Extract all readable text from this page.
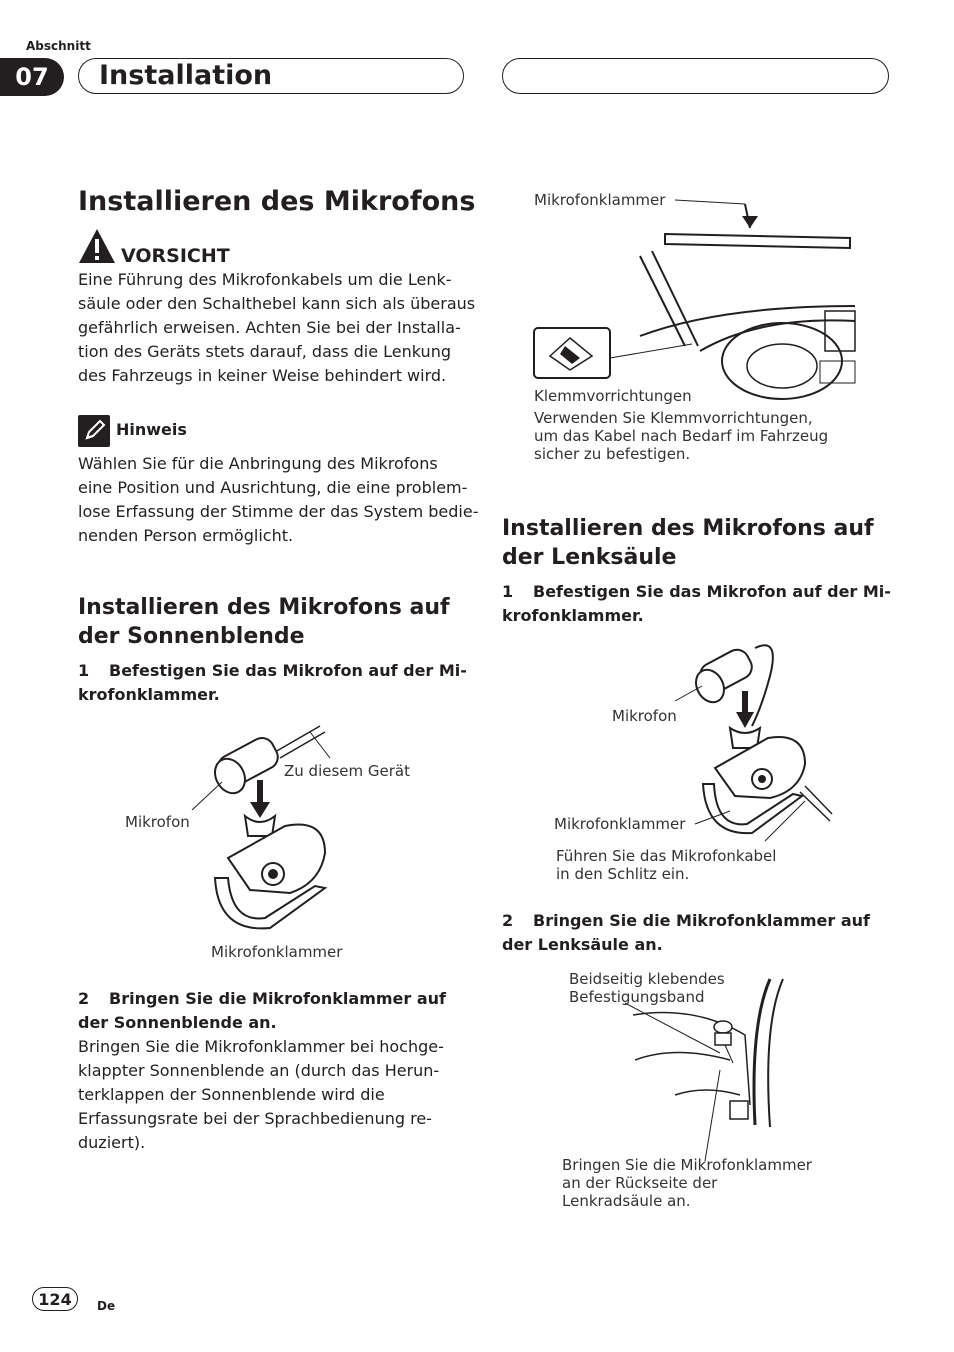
Abschnitt
07	Installation
Installieren des Mikrofons
VORSICHT
Eine Führung des Mikrofonkabels um die Lenk-
säule oder den Schalthebel kann sich als überaus
gefährlich erweisen. Achten Sie bei der Installa-
tion des Geräts stets darauf, dass die Lenkung
des Fahrzeugs in keiner Weise behindert wird.
Hinweis
Wählen Sie für die Anbringung des Mikrofons
eine Position und Ausrichtung, die eine problem-
lose Erfassung der Stimme der das System bedie-
nenden Person ermöglicht.
Installieren des Mikrofons auf
der Sonnenblende
1 Befestigen Sie das Mikrofon auf der Mi-
krofonklammer.
Zu diesem Gerät
Mikrofon
Mikrofonklammer
2 Bringen Sie die Mikrofonklammer auf
der Sonnenblende an.
Bringen Sie die Mikrofonklammer bei hochge-
klappter Sonnenblende an (durch das Herun-
terklappen der Sonnenblende wird die
Erfassungsrate bei der Sprachbedienung re-
duziert).
Mikrofonklammer
Klemmvorrichtungen
Verwenden Sie Klemmvorrichtungen,
um das Kabel nach Bedarf im Fahrzeug
sicher zu befestigen.
Installieren des Mikrofons auf
der Lenksäule
1 Befestigen Sie das Mikrofon auf der Mi-
krofonklammer.
Mikrofon
Mikrofonklammer
Führen Sie das Mikrofonkabel
in den Schlitz ein.
2 Bringen Sie die Mikrofonklammer auf
der Lenksäule an.
Beidseitig klebendes
Befestigungsband
Bringen Sie die Mikrofonklammer
an der Rückseite der
Lenkradsäule an.
124	De
